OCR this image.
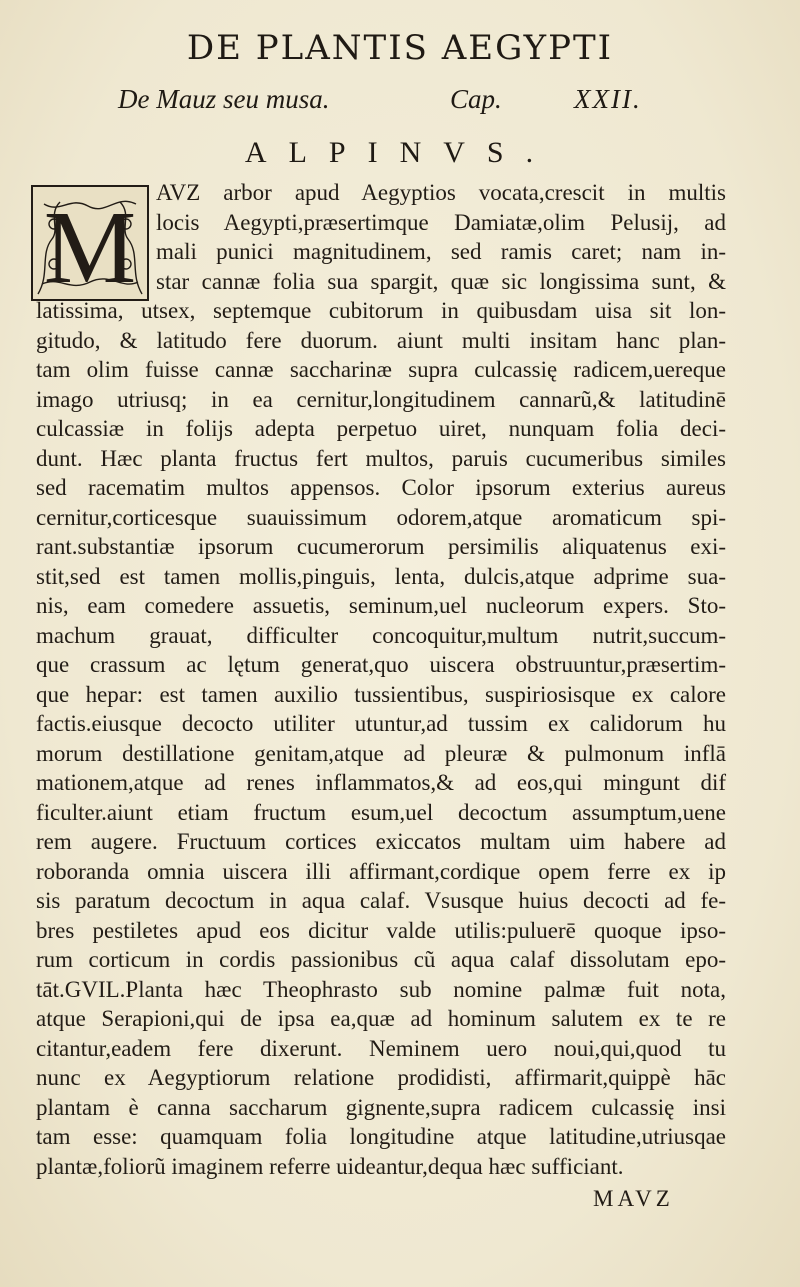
DE PLANTIS AEGYPTI
De Mauz seu musa.	Cap.	XXII.
ALPINVS.
M AVZ arbor apud Aegyptios vocata,crescit in multis
locis Aegypti,præsertimque Damiatæ,olim Pelusij, ad
mali punici magnitudinem, sed ramis caret; nam in-
star cannæ folia sua spargit, quæ sic longissima sunt, &
latissima, utsex, septemque cubitorum in quibusdam uisa sit lon-
gitudo, & latitudo fere duorum. aiunt multi insitam hanc plan-
tam olim fuisse cannæ saccharinæ supra culcassię radicem,uereque
imago utriusq; in ea cernitur,longitudinem cannarũ,& latitudinē
culcassiæ in folijs adepta perpetuo uiret, nunquam folia deci-
dunt. Hæc planta fructus fert multos, paruis cucumeribus similes
sed racematim multos appensos. Color ipsorum exterius aureus
cernitur,corticesque suauissimum odorem,atque aromaticum spi-
rant.substantiæ ipsorum cucumerorum persimilis aliquatenus exi-
stit,sed est tamen mollis,pinguis, lenta, dulcis,atque adprime sua-
nis, eam comedere assuetis, seminum,uel nucleorum expers. Sto-
machum grauat, difficulter concoquitur,multum nutrit,succum-
que crassum ac lętum generat,quo uiscera obstruuntur,præsertim-
que hepar: est tamen auxilio tussientibus, suspiriosisque ex calore
factis.eiusque decocto utiliter utuntur,ad tussim ex calidorum hu
morum destillatione genitam,atque ad pleuræ & pulmonum inflā
mationem,atque ad renes inflammatos,& ad eos,qui mingunt dif
ficulter.aiunt etiam fructum esum,uel decoctum assumptum,uene
rem augere. Fructuum cortices exiccatos multam uim habere ad
roboranda omnia uiscera illi affirmant,cordique opem ferre ex ip
sis paratum decoctum in aqua calaf. Vsusque huius decocti ad fe-
bres pestiletes apud eos dicitur valde utilis:puluerē quoque ipso-
rum corticum in cordis passionibus cũ aqua calaf dissolutam epo-
tāt.GVIL.Planta hæc Theophrasto sub nomine palmæ fuit nota,
atque Serapioni,qui de ipsa ea,quæ ad hominum salutem ex te re
citantur,eadem fere dixerunt. Neminem uero noui,qui,quod tu
nunc ex Aegyptiorum relatione prodidisti, affirmarit,quippè hāc
plantam è canna saccharum gignente,supra radicem culcassię insi
tam esse: quamquam folia longitudine atque latitudine,utriusqae
plantæ,foliorũ imaginem referre uideantur,dequa hæc sufficiant.
MAVZ
